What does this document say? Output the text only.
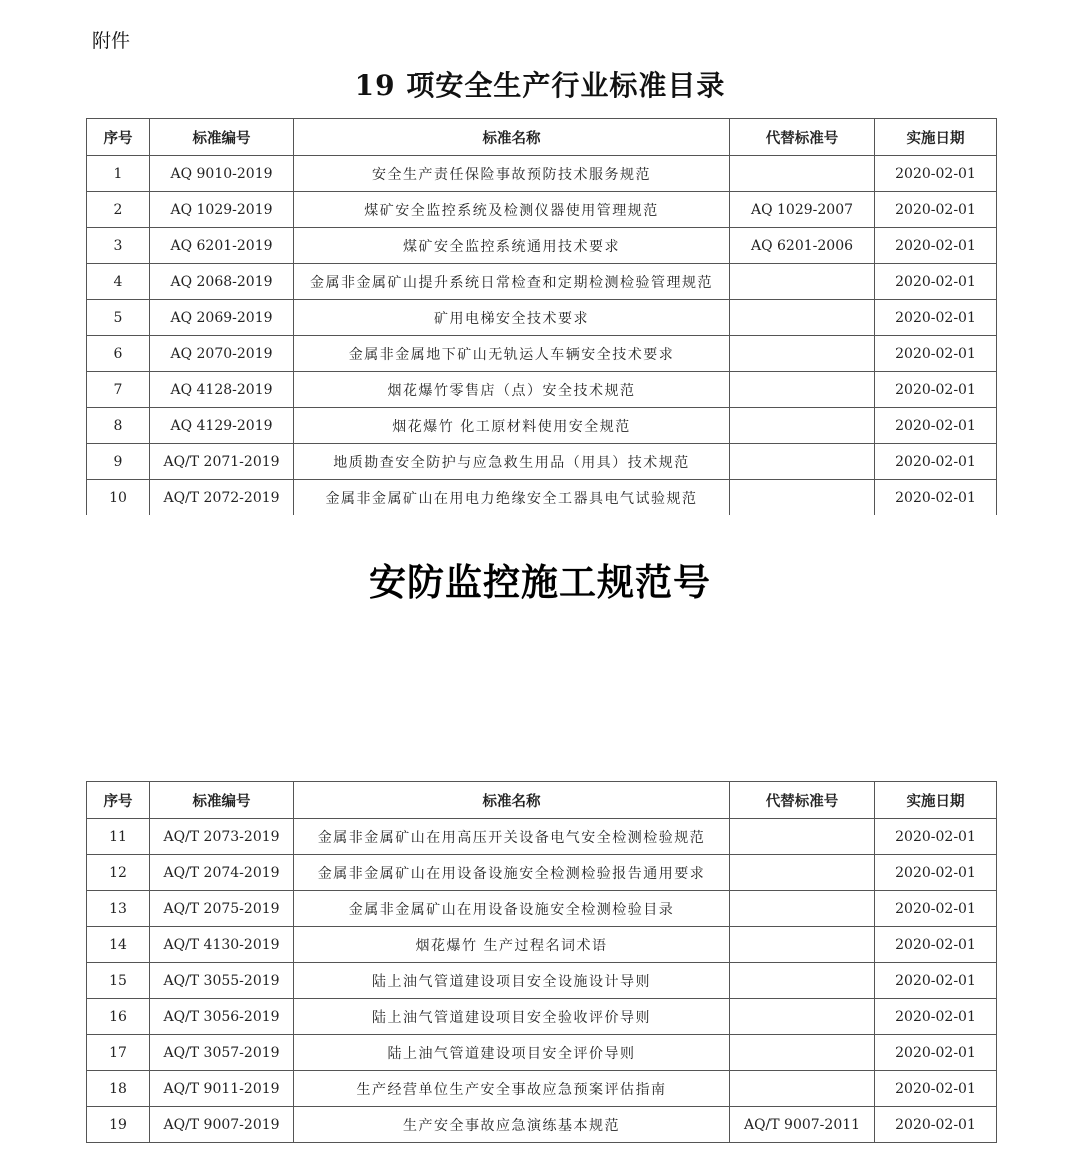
附件
19 项安全生产行业标准目录
序号	标准编号	标准名称	代替标准号	实施日期
1	AQ 9010-2019	安全生产责任保险事故预防技术服务规范		2020-02-01
2	AQ 1029-2019	煤矿安全监控系统及检测仪器使用管理规范	AQ 1029-2007	2020-02-01
3	AQ 6201-2019	煤矿安全监控系统通用技术要求	AQ 6201-2006	2020-02-01
4	AQ 2068-2019	金属非金属矿山提升系统日常检查和定期检测检验管理规范		2020-02-01
5	AQ 2069-2019	矿用电梯安全技术要求		2020-02-01
6	AQ 2070-2019	金属非金属地下矿山无轨运人车辆安全技术要求		2020-02-01
7	AQ 4128-2019	烟花爆竹零售店（点）安全技术规范		2020-02-01
8	AQ 4129-2019	烟花爆竹 化工原材料使用安全规范		2020-02-01
9	AQ/T 2071-2019	地质勘查安全防护与应急救生用品（用具）技术规范		2020-02-01
10	AQ/T 2072-2019	金属非金属矿山在用电力绝缘安全工器具电气试验规范		2020-02-01
安防监控施工规范号
序号	标准编号	标准名称	代替标准号	实施日期
11	AQ/T 2073-2019	金属非金属矿山在用高压开关设备电气安全检测检验规范		2020-02-01
12	AQ/T 2074-2019	金属非金属矿山在用设备设施安全检测检验报告通用要求		2020-02-01
13	AQ/T 2075-2019	金属非金属矿山在用设备设施安全检测检验目录		2020-02-01
14	AQ/T 4130-2019	烟花爆竹 生产过程名词术语		2020-02-01
15	AQ/T 3055-2019	陆上油气管道建设项目安全设施设计导则		2020-02-01
16	AQ/T 3056-2019	陆上油气管道建设项目安全验收评价导则		2020-02-01
17	AQ/T 3057-2019	陆上油气管道建设项目安全评价导则		2020-02-01
18	AQ/T 9011-2019	生产经营单位生产安全事故应急预案评估指南		2020-02-01
19	AQ/T 9007-2019	生产安全事故应急演练基本规范	AQ/T 9007-2011	2020-02-01
